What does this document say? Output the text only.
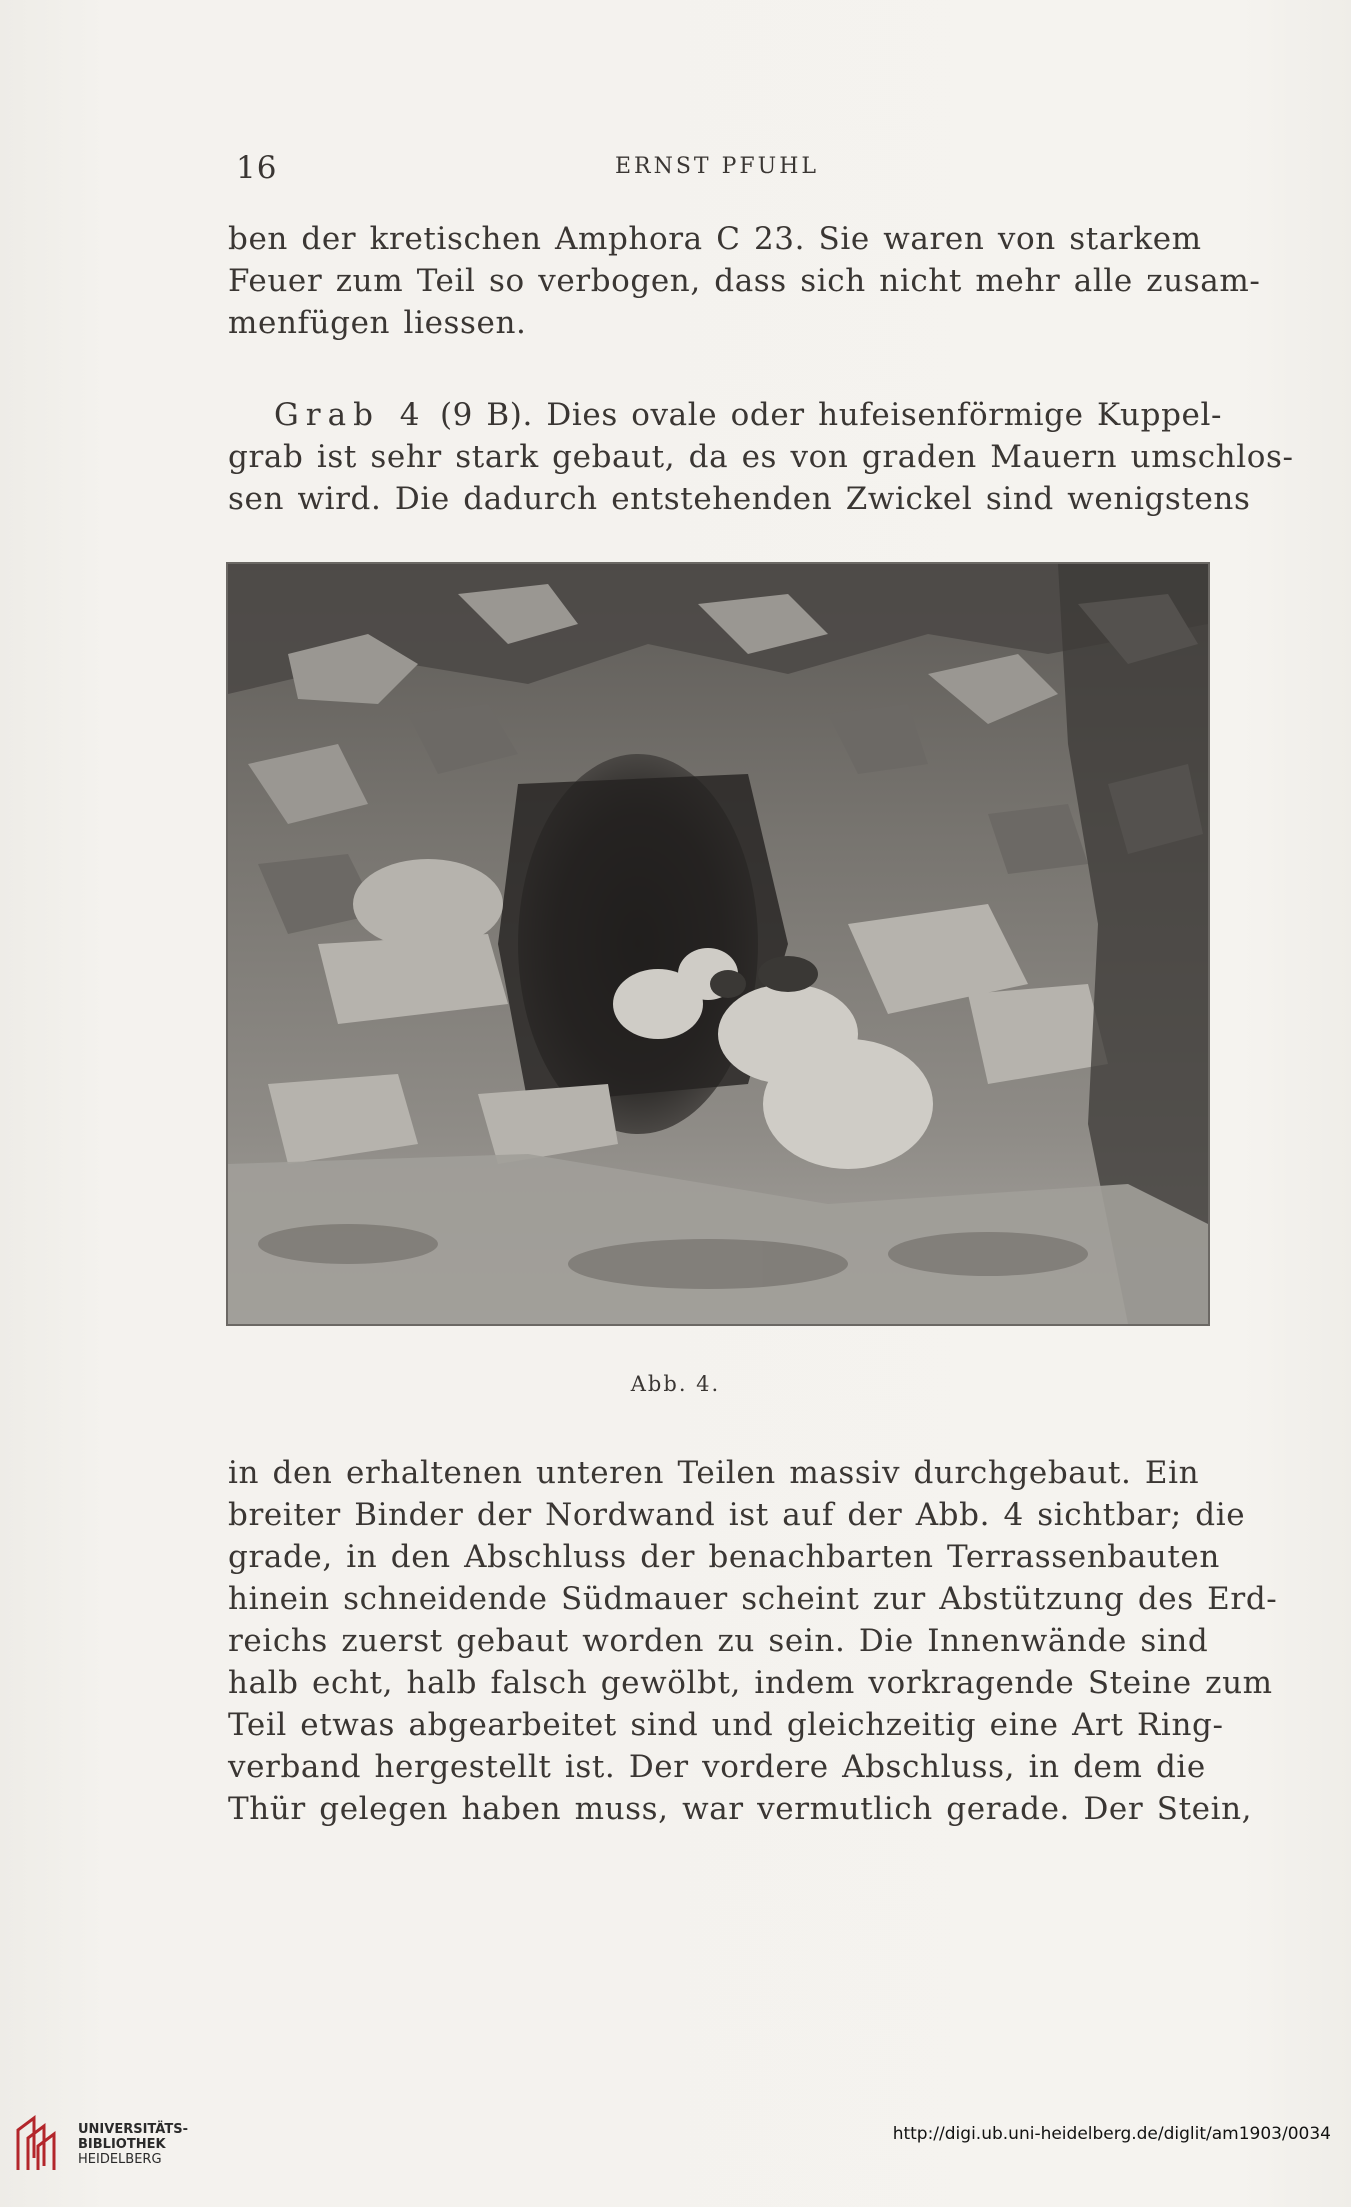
16	ERNST PFUHL

ben der kretischen Amphora C 23. Sie waren von starkem
Feuer zum Teil so verbogen, dass sich nicht mehr alle zusam-
menfügen liessen.

Grab 4 (9 B). Dies ovale oder hufeisenförmige Kuppel-
grab ist sehr stark gebaut, da es von graden Mauern umschlos-
sen wird. Die dadurch entstehenden Zwickel sind wenigstens

Abb. 4.

in den erhaltenen unteren Teilen massiv durchgebaut. Ein
breiter Binder der Nordwand ist auf der Abb. 4 sichtbar; die
grade, in den Abschluss der benachbarten Terrassenbauten
hinein schneidende Südmauer scheint zur Abstützung des Erd-
reichs zuerst gebaut worden zu sein. Die Innenwände sind
halb echt, halb falsch gewölbt, indem vorkragende Steine zum
Teil etwas abgearbeitet sind und gleichzeitig eine Art Ring-
verband hergestellt ist. Der vordere Abschluss, in dem die
Thür gelegen haben muss, war vermutlich gerade. Der Stein,

UNIVERSITÄTS-
BIBLIOTHEK
HEIDELBERG
http://digi.ub.uni-heidelberg.de/diglit/am1903/0034
